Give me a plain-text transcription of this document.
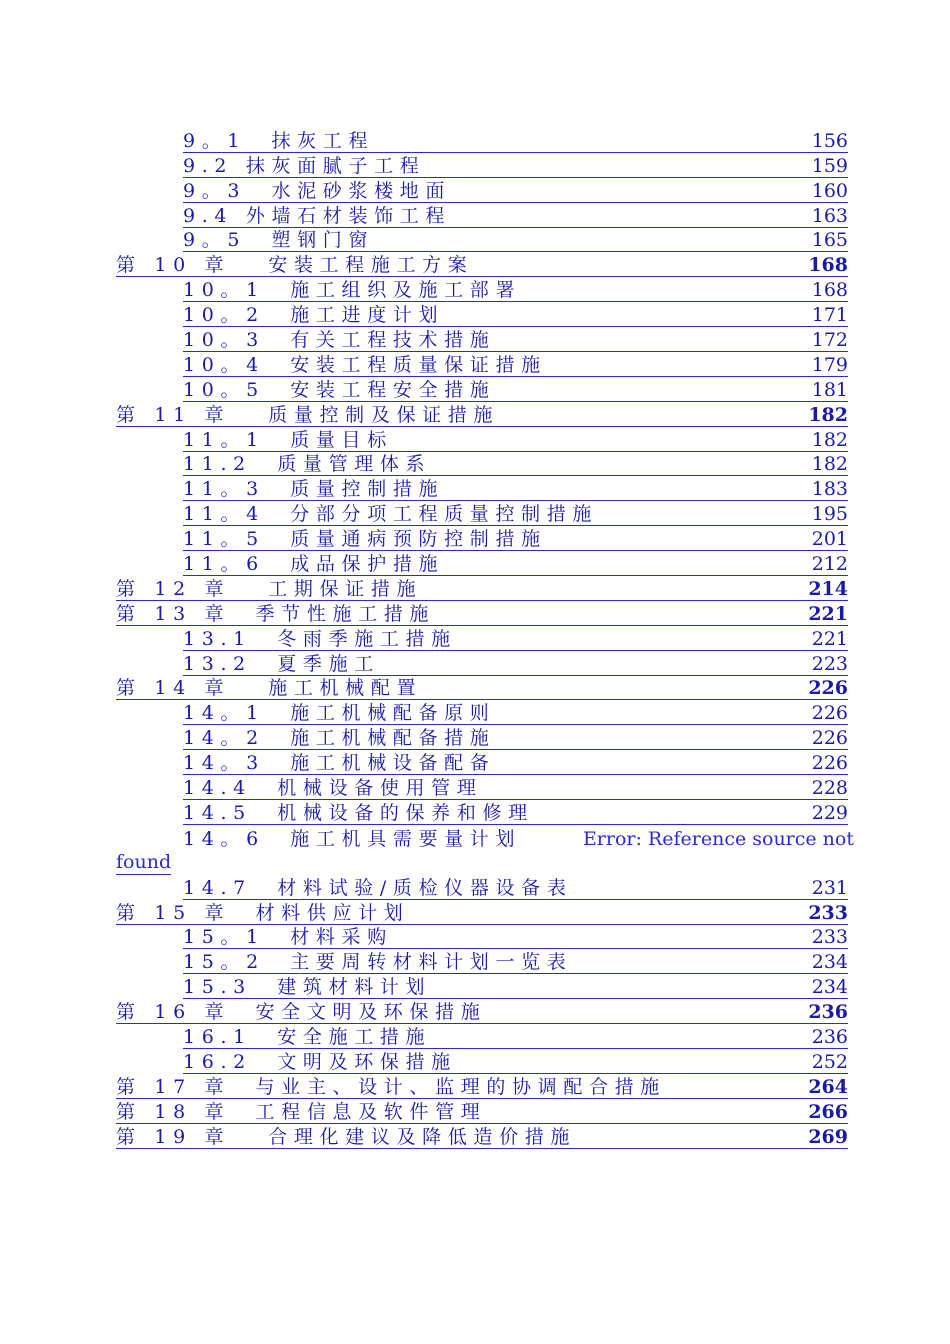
9。1  抹灰工程	156
9.2 抹灰面腻子工程	159
9。3  水泥砂浆楼地面	160
9.4 外墙石材装饰工程	163
9。5  塑钢门窗	165
第 10 章   安装工程施工方案	168
10。1  施工组织及施工部署	168
10。2  施工进度计划	171
10。3  有关工程技术措施	172
10。4  安装工程质量保证措施	179
10。5  安装工程安全措施	181
第 11 章   质量控制及保证措施	182
11。1  质量目标	182
11.2  质量管理体系	182
11。3  质量控制措施	183
11。4  分部分项工程质量控制措施	195
11。5  质量通病预防控制措施	201
11。6  成品保护措施	212
第 12 章   工期保证措施	214
第 13 章  季节性施工措施	221
13.1  冬雨季施工措施	221
13.2  夏季施工	223
第 14 章   施工机械配置	226
14。1  施工机械配备原则	226
14。2  施工机械配备措施	226
14。3  施工机械设备配备	226
14.4  机械设备使用管理	228
14.5  机械设备的保养和修理	229
14。6  施工机具需要量计划	Error: Reference source not
found
14.7  材料试验/质检仪器设备表	231
第 15 章  材料供应计划	233
15。1  材料采购	233
15。2  主要周转材料计划一览表	234
15.3  建筑材料计划	234
第 16 章  安全文明及环保措施	236
16.1  安全施工措施	236
16.2  文明及环保措施	252
第 17 章  与业主、设计、监理的协调配合措施	264
第 18 章  工程信息及软件管理	266
第 19 章   合理化建议及降低造价措施	269
